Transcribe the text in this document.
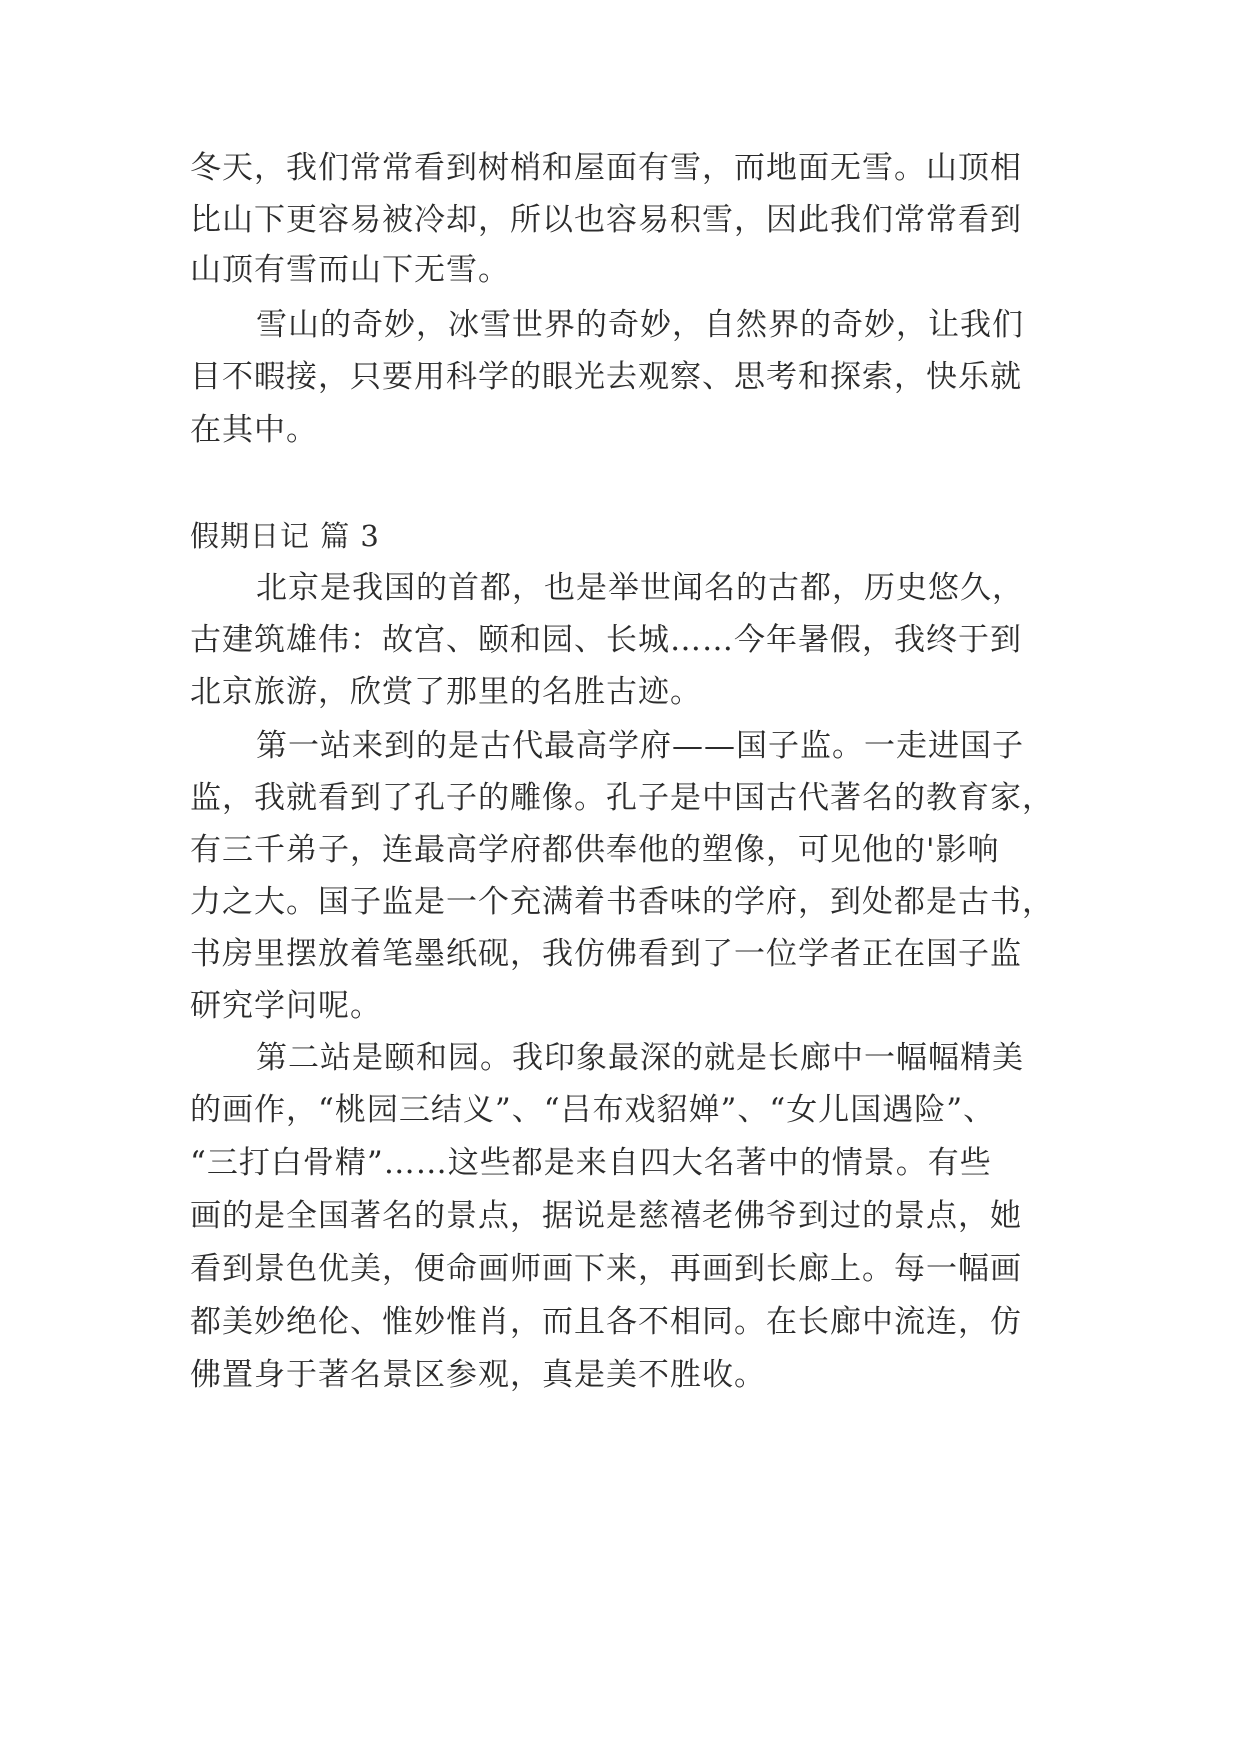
冬天，我们常常看到树梢和屋面有雪，而地面无雪。山顶相
比山下更容易被冷却，所以也容易积雪，因此我们常常看到
山顶有雪而山下无雪。
雪山的奇妙，冰雪世界的奇妙，自然界的奇妙，让我们
目不暇接，只要用科学的眼光去观察、思考和探索，快乐就
在其中。
假期日记 篇 3
北京是我国的首都，也是举世闻名的古都，历史悠久，
古建筑雄伟：故宫、颐和园、长城……今年暑假，我终于到
北京旅游，欣赏了那里的名胜古迹。
第一站来到的是古代最高学府——国子监。一走进国子
监，我就看到了孔子的雕像。孔子是中国古代著名的教育家，
有三千弟子，连最高学府都供奉他的塑像，可见他的'影响
力之大。国子监是一个充满着书香味的学府，到处都是古书，
书房里摆放着笔墨纸砚，我仿佛看到了一位学者正在国子监
研究学问呢。
第二站是颐和园。我印象最深的就是长廊中一幅幅精美
的画作，“桃园三结义”、“吕布戏貂婵”、“女儿国遇险”、
“三打白骨精”……这些都是来自四大名著中的情景。有些
画的是全国著名的景点，据说是慈禧老佛爷到过的景点，她
看到景色优美，便命画师画下来，再画到长廊上。每一幅画
都美妙绝伦、惟妙惟肖，而且各不相同。在长廊中流连，仿
佛置身于著名景区参观，真是美不胜收。
